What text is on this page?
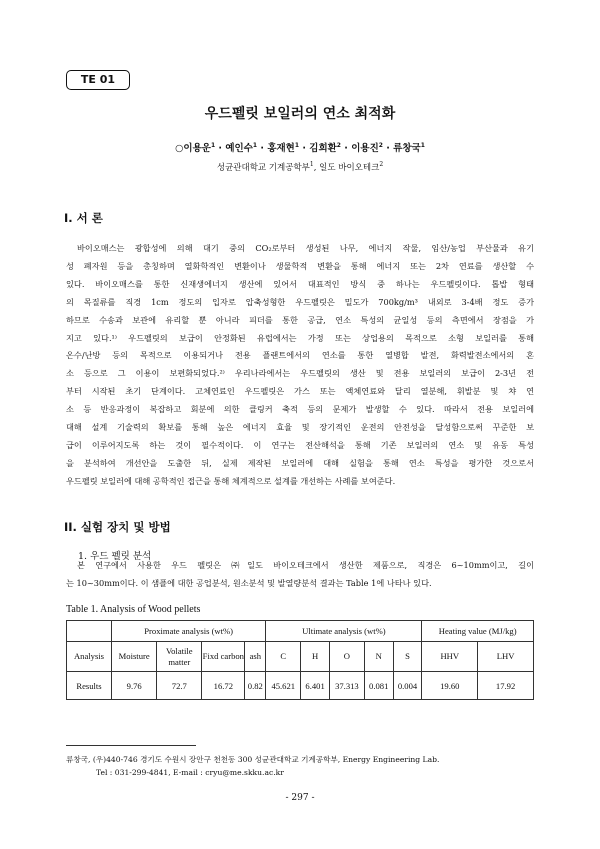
TE 01
우드펠릿 보일러의 연소 최적화
○이용운$^1$ · 예인수$^1$ · 홍재현$^1$ · 김희환$^2$ · 이용진$^2$ · 류창국$^1$
성균관대학교 기계공학부$^1$, 일도 바이오테크$^2$
I. 서 론
바이오매스는 광합성에 의해 대기 중의 CO₂로부터 생성된 나무, 에너지 작물, 임산/농업 부산물과 유기
성 폐자원 등을 총칭하며 열화학적인 변환이나 생물학적 변환을 통해 에너지 또는 2차 연료를 생산할 수
있다. 바이오매스를 통한 신재생에너지 생산에 있어서 대표적인 방식 중 하나는 우드펠릿이다. 톱밥 형태
의 목질류를 직경 1cm 정도의 입자로 압축성형한 우드펠릿은 밀도가 700kg/m³ 내외로 3-4배 정도 증가
하므로 수송과 보관에 유리할 뿐 아니라 피더를 통한 공급, 연소 특성의 균일성 등의 측면에서 장점을 가
지고 있다.¹⁾ 우드펠릿의 보급이 안정화된 유럽에서는 가정 또는 상업용의 목적으로 소형 보일러를 통해
온수/난방 등의 목적으로 이용되거나 전용 플랜트에서의 연소를 통한 열병합 발전, 화력발전소에서의 혼
소 등으로 그 이용이 보편화되었다.²⁾ 우리나라에서는 우드펠릿의 생산 및 전용 보일러의 보급이 2-3년 전
부터 시작된 초기 단계이다. 고체연료인 우드펠릿은 가스 또는 액체연료와 달리 열분해, 휘발분 및 챠 연
소 등 반응과정이 복잡하고 회분에 의한 클링커 축적 등의 문제가 발생할 수 있다. 따라서 전용 보일러에
대해 설계 기술력의 확보를 통해 높은 에너지 효율 및 장기적인 운전의 안전성을 달성함으로써 꾸준한 보
급이 이루어지도록 하는 것이 필수적이다. 이 연구는 전산해석을 통해 기존 보일러의 연소 및 유동 특성
을 분석하여 개선안을 도출한 뒤, 실제 제작된 보일러에 대해 실험을 통해 연소 특성을 평가한 것으로서
우드펠릿 보일러에 대해 공학적인 접근을 통해 체계적으로 설계를 개선하는 사례를 보여준다.
II. 실험 장치 및 방법
1. 우드 펠릿 분석
본 연구에서 사용한 우드 펠릿은 ㈜일도 바이오테크에서 생산한 제품으로, 직경은 6~10mm이고, 길이
는 10~30mm이다. 이 샘플에 대한 공업분석, 원소분석 및 발열량분석 결과는 Table 1에 나타나 있다.
Table 1. Analysis of Wood pellets
	Proximate analysis (wt%)				Ultimate analysis (wt%)					Heating value (MJ/kg)	
Analysis	Moisture	Volatile matter	Fixd carbon	ash	C	H	O	N	S	HHV	LHV
Results	9.76	72.7	16.72	0.82	45.621	6.401	37.313	0.081	0.004	19.60	17.92
류창국, (우)440-746 경기도 수원시 장안구 천천동 300 성균관대학교 기계공학부, Energy Engineering Lab.
Tel : 031-299-4841, E-mail : cryu@me.skku.ac.kr
- 297 -
